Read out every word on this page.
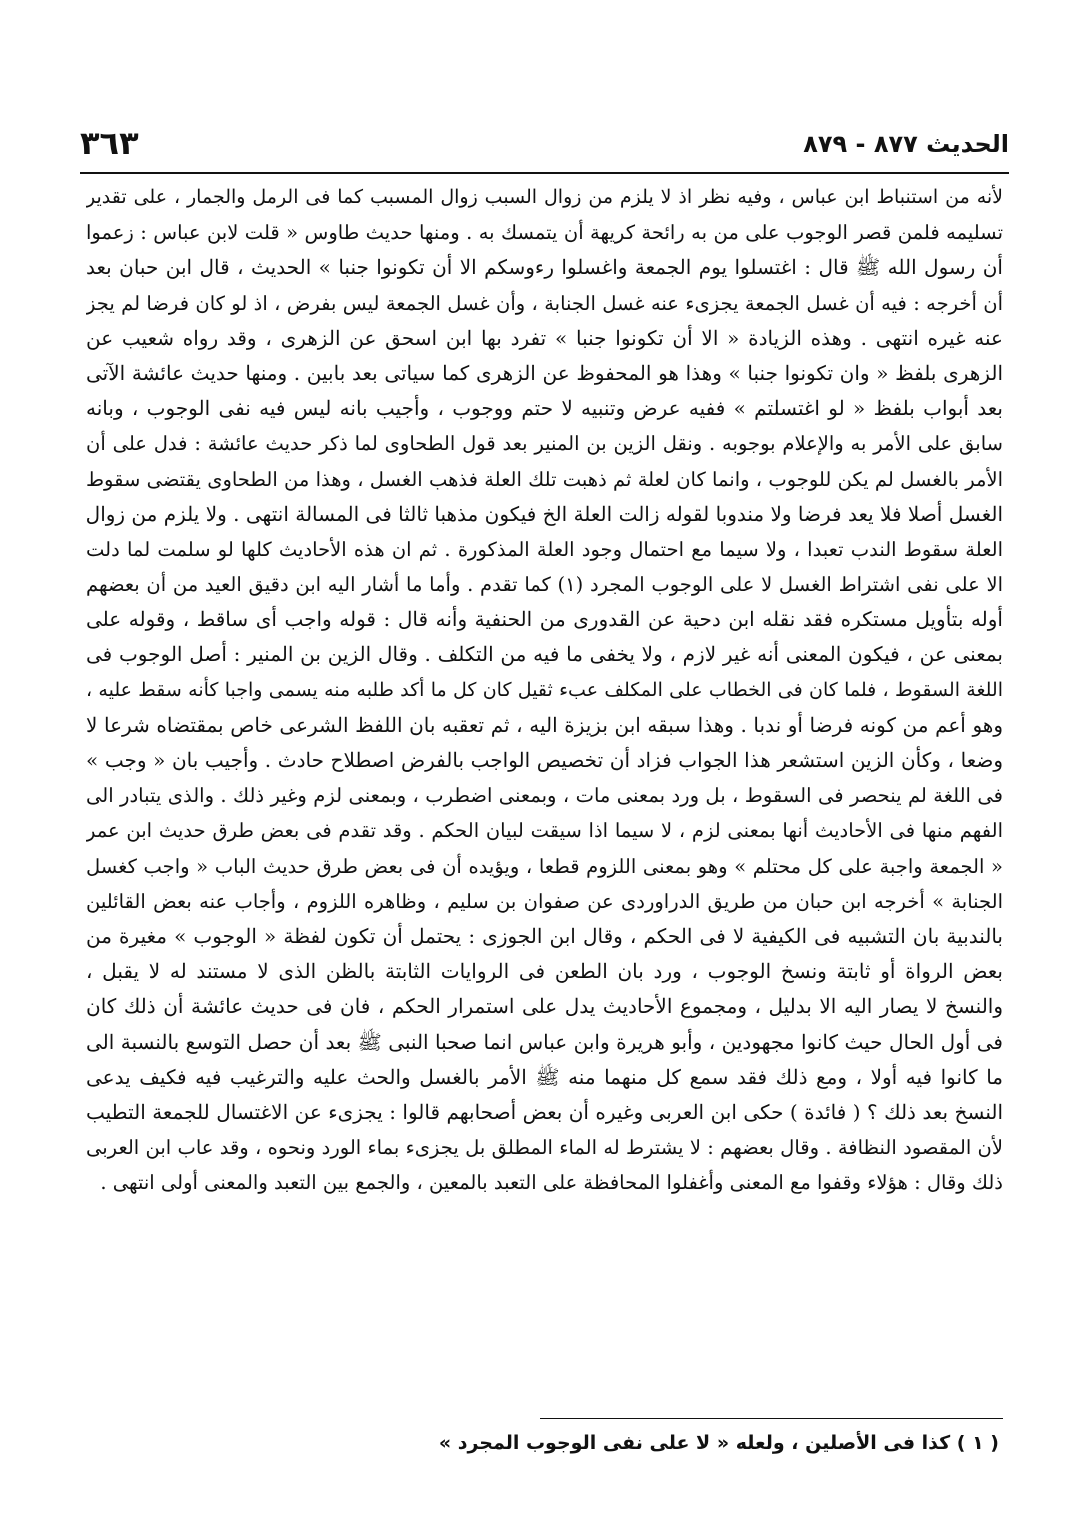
الحديث ٨٧٧ - ٨٧٩
٣٦٣
لأنه من استنباط ابن عباس ، وفيه نظر اذ لا يلزم من زوال السبب زوال المسبب كما فى الرمل والجمار ، على تقدير
تسليمه فلمن قصر الوجوب على من به رائحة كريهة أن يتمسك به . ومنها حديث طاوس « قلت لابن عباس : زعموا
أن رسول الله ﷺ قال : اغتسلوا يوم الجمعة واغسلوا رءوسكم الا أن تكونوا جنبا » الحديث ، قال ابن حبان بعد
أن أخرجه : فيه أن غسل الجمعة يجزىء عنه غسل الجنابة ، وأن غسل الجمعة ليس بفرض ، اذ لو كان فرضا لم يجز
عنه غيره انتهى . وهذه الزيادة « الا أن تكونوا جنبا » تفرد بها ابن اسحق عن الزهرى ، وقد رواه شعيب عن
الزهرى بلفظ « وان تكونوا جنبا » وهذا هو المحفوظ عن الزهرى كما سياتى بعد بابين . ومنها حديث عائشة الآتى
بعد أبواب بلفظ « لو اغتسلتم » ففيه عرض وتنبيه لا حتم ووجوب ، وأجيب بانه ليس فيه نفى الوجوب ، وبانه
سابق على الأمر به والإعلام بوجوبه . ونقل الزين بن المنير بعد قول الطحاوى لما ذكر حديث عائشة : فدل على أن
الأمر بالغسل لم يكن للوجوب ، وانما كان لعلة ثم ذهبت تلك العلة فذهب الغسل ، وهذا من الطحاوى يقتضى سقوط
الغسل أصلا فلا يعد فرضا ولا مندوبا لقوله زالت العلة الخ فيكون مذهبا ثالثا فى المسالة انتهى . ولا يلزم من زوال
العلة سقوط الندب تعبدا ، ولا سيما مع احتمال وجود العلة المذكورة . ثم ان هذه الأحاديث كلها لو سلمت لما دلت
الا على نفى اشتراط الغسل لا على الوجوب المجرد (١) كما تقدم . وأما ما أشار اليه ابن دقيق العيد من أن بعضهم
أوله بتأويل مستكره فقد نقله ابن دحية عن القدورى من الحنفية وأنه قال : قوله واجب أى ساقط ، وقوله على
بمعنى عن ، فيكون المعنى أنه غير لازم ، ولا يخفى ما فيه من التكلف . وقال الزين بن المنير : أصل الوجوب فى
اللغة السقوط ، فلما كان فى الخطاب على المكلف عبء ثقيل كان كل ما أكد طلبه منه يسمى واجبا كأنه سقط عليه ،
وهو أعم من كونه فرضا أو ندبا . وهذا سبقه ابن بزيزة اليه ، ثم تعقبه بان اللفظ الشرعى خاص بمقتضاه شرعا لا
وضعا ، وكأن الزين استشعر هذا الجواب فزاد أن تخصيص الواجب بالفرض اصطلاح حادث . وأجيب بان « وجب »
فى اللغة لم ينحصر فى السقوط ، بل ورد بمعنى مات ، وبمعنى اضطرب ، وبمعنى لزم وغير ذلك . والذى يتبادر الى
الفهم منها فى الأحاديث أنها بمعنى لزم ، لا سيما اذا سيقت لبيان الحكم . وقد تقدم فى بعض طرق حديث ابن عمر
« الجمعة واجبة على كل محتلم » وهو بمعنى اللزوم قطعا ، ويؤيده أن فى بعض طرق حديث الباب « واجب كغسل
الجنابة » أخرجه ابن حبان من طريق الدراوردى عن صفوان بن سليم ، وظاهره اللزوم ، وأجاب عنه بعض القائلين
بالندبية بان التشبيه فى الكيفية لا فى الحكم ، وقال ابن الجوزى : يحتمل أن تكون لفظة « الوجوب » مغيرة من
بعض الرواة أو ثابتة ونسخ الوجوب ، ورد بان الطعن فى الروايات الثابتة بالظن الذى لا مستند له لا يقبل ،
والنسخ لا يصار اليه الا بدليل ، ومجموع الأحاديث يدل على استمرار الحكم ، فان فى حديث عائشة أن ذلك كان
فى أول الحال حيث كانوا مجهودين ، وأبو هريرة وابن عباس انما صحبا النبى ﷺ بعد أن حصل التوسع بالنسبة الى
ما كانوا فيه أولا ، ومع ذلك فقد سمع كل منهما منه ﷺ الأمر بالغسل والحث عليه والترغيب فيه فكيف يدعى
النسخ بعد ذلك ؟ ( فائدة ) حكى ابن العربى وغيره أن بعض أصحابهم قالوا : يجزىء عن الاغتسال للجمعة التطيب
لأن المقصود النظافة . وقال بعضهم : لا يشترط له الماء المطلق بل يجزىء بماء الورد ونحوه ، وقد عاب ابن العربى
ذلك وقال : هؤلاء وقفوا مع المعنى وأغفلوا المحافظة على التعبد بالمعين ، والجمع بين التعبد والمعنى أولى انتهى .
( ١ ) كذا فى الأصلين ، ولعله « لا على نفى الوجوب المجرد »
